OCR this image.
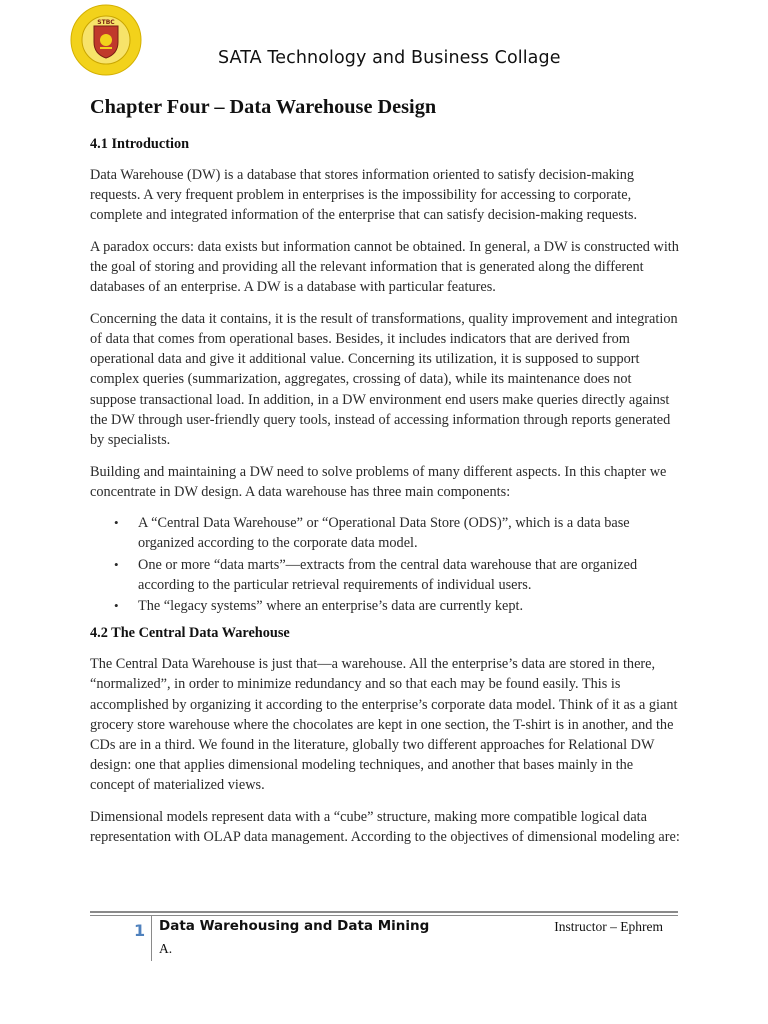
STBC
SATA Technology and Business Collage
Chapter Four – Data Warehouse Design
4.1 Introduction

Data Warehouse (DW) is a database that stores information oriented to satisfy decision-making requests. A very frequent problem in enterprises is the impossibility for accessing to corporate, complete and integrated information of the enterprise that can satisfy decision-making requests.

A paradox occurs: data exists but information cannot be obtained. In general, a DW is constructed with the goal of storing and providing all the relevant information that is generated along the different databases of an enterprise. A DW is a database with particular features.

Concerning the data it contains, it is the result of transformations, quality improvement and integration of data that comes from operational bases. Besides, it includes indicators that are derived from operational data and give it additional value. Concerning its utilization, it is supposed to support complex queries (summarization, aggregates, crossing of data), while its maintenance does not suppose transactional load. In addition, in a DW environment end users make queries directly against the DW through user-friendly query tools, instead of accessing information through reports generated by specialists.

Building and maintaining a DW need to solve problems of many different aspects. In this chapter we concentrate in DW design. A data warehouse has three main components:

• A “Central Data Warehouse” or “Operational Data Store (ODS)”, which is a data base organized according to the corporate data model.
• One or more “data marts”—extracts from the central data warehouse that are organized according to the particular retrieval requirements of individual users.
• The “legacy systems” where an enterprise’s data are currently kept.
4.2 The Central Data Warehouse

The Central Data Warehouse is just that—a warehouse. All the enterprise’s data are stored in there, “normalized”, in order to minimize redundancy and so that each may be found easily. This is accomplished by organizing it according to the enterprise’s corporate data model. Think of it as a giant grocery store warehouse where the chocolates are kept in one section, the T-shirt is in another, and the CDs are in a third. We found in the literature, globally two different approaches for Relational DW design: one that applies dimensional modeling techniques, and another that bases mainly in the concept of materialized views.

Dimensional models represent data with a “cube” structure, making more compatible logical data representation with OLAP data management. According to the objectives of dimensional modeling are:

1 Data Warehousing and Data Mining	Instructor – Ephrem
A.
